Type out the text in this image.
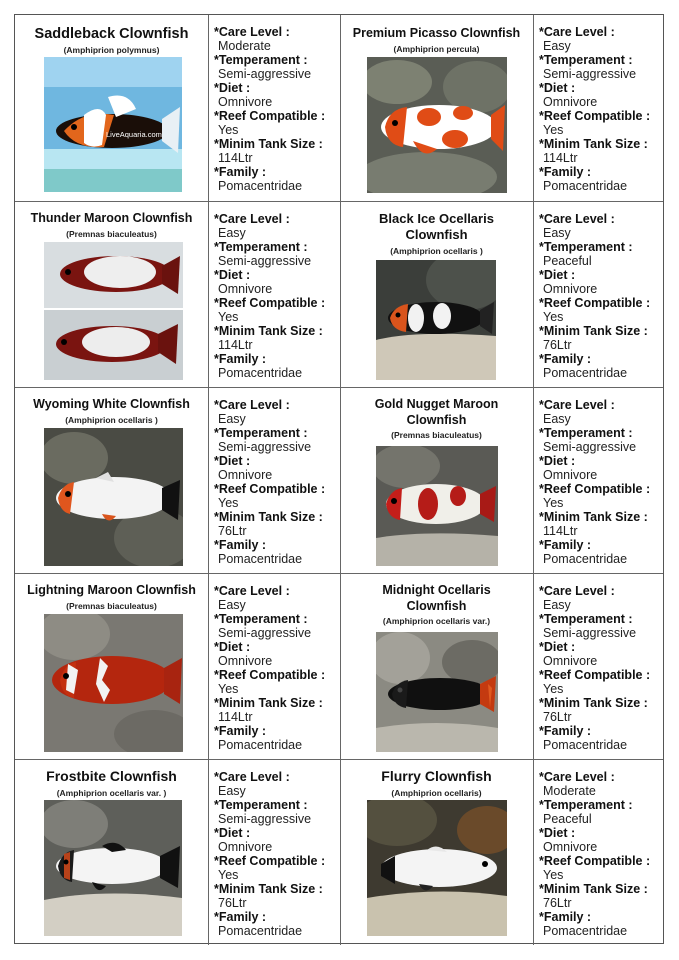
Saddleback Clownfish
(Amphiprion polymnus)
LiveAquaria.com
*Care Level :
Moderate
*Temperament :
Semi-aggressive
*Diet :
Omnivore
*Reef Compatible :
Yes
*Minim Tank Size :
114Ltr
*Family :
Pomacentridae
Premium Picasso Clownfish
(Amphiprion percula)
*Care Level :
Easy
*Temperament :
Semi-aggressive
*Diet :
Omnivore
*Reef Compatible :
Yes
*Minim Tank Size :
114Ltr
*Family :
Pomacentridae
Thunder Maroon Clownfish
(Premnas biaculeatus)
*Care Level :
Easy
*Temperament :
Semi-aggressive
*Diet :
Omnivore
*Reef Compatible :
Yes
*Minim Tank Size :
114Ltr
*Family :
Pomacentridae
Black Ice Ocellaris Clownfish
(Amphiprion ocellaris )
*Care Level :
Easy
*Temperament :
Peaceful
*Diet :
Omnivore
*Reef Compatible :
Yes
*Minim Tank Size :
76Ltr
*Family :
Pomacentridae
Wyoming White Clownfish
(Amphiprion ocellaris )
*Care Level :
Easy
*Temperament :
Semi-aggressive
*Diet :
Omnivore
*Reef Compatible :
Yes
*Minim Tank Size :
76Ltr
*Family :
Pomacentridae
Gold Nugget Maroon Clownfish
(Premnas biaculeatus)
*Care Level :
Easy
*Temperament :
Semi-aggressive
*Diet :
Omnivore
*Reef Compatible :
Yes
*Minim Tank Size :
114Ltr
*Family :
Pomacentridae
Lightning Maroon Clownfish
(Premnas biaculeatus)
*Care Level :
Easy
*Temperament :
Semi-aggressive
*Diet :
Omnivore
*Reef Compatible :
Yes
*Minim Tank Size :
114Ltr
*Family :
Pomacentridae
Midnight Ocellaris Clownfish
(Amphiprion ocellaris var.)
*Care Level :
Easy
*Temperament :
Semi-aggressive
*Diet :
Omnivore
*Reef Compatible :
Yes
*Minim Tank Size :
76Ltr
*Family :
Pomacentridae
Frostbite Clownfish
(Amphiprion ocellaris var. )
*Care Level :
Easy
*Temperament :
Semi-aggressive
*Diet :
Omnivore
*Reef Compatible :
Yes
*Minim Tank Size :
76Ltr
*Family :
Pomacentridae
Flurry Clownfish
(Amphiprion ocellaris)
*Care Level :
Moderate
*Temperament :
Peaceful
*Diet :
Omnivore
*Reef Compatible :
Yes
*Minim Tank Size :
76Ltr
*Family :
Pomacentridae
